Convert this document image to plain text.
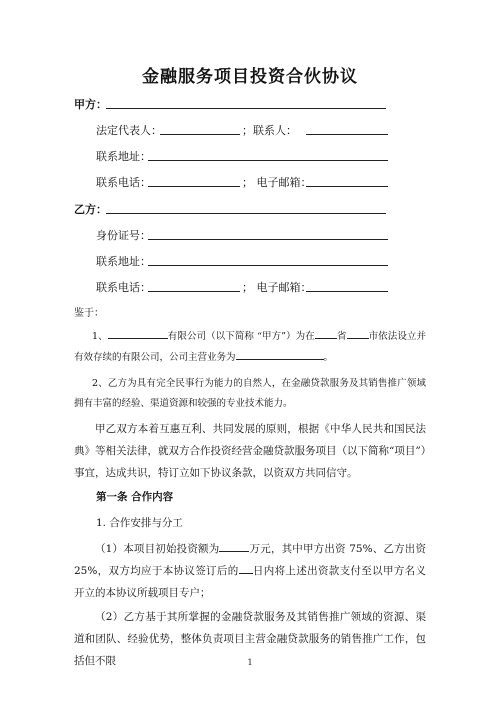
金融服务项目投资合伙协议
甲方：
法定代表人：	；联系人：
联系地址：
联系电话：	； 电子邮箱：
乙方：
身份证号：
联系地址：
联系电话：	； 电子邮箱：
鉴于：
1、	有限公司（以下简称 “甲方”）为在 省 市依法设立并有效存续的有限公司，公司主营业务为	。
2、乙方为具有完全民事行为能力的自然人，在金融贷款服务及其销售推广领域拥有丰富的经验、渠道资源和较强的专业技术能力。
甲乙双方本着互惠互利、共同发展的原则，根据《中华人民共和国民法典》等相关法律，就双方合作投资经营金融贷款服务项目（以下简称“项目”）事宜，达成共识，特订立如下协议条款，以资双方共同信守。
第一条 合作内容
1. 合作安排与分工
（1）本项目初始投资额为	万元，其中甲方出资 75%、乙方出资 25%，双方均应于本协议签订后的 日内将上述出资款支付至以甲方名义开立的本协议所载项目专户；
（2）乙方基于其所掌握的金融贷款服务及其销售推广领域的资源、渠道和团队、经验优势，整体负责项目主营金融贷款服务的销售推广工作，包括但不限	1
